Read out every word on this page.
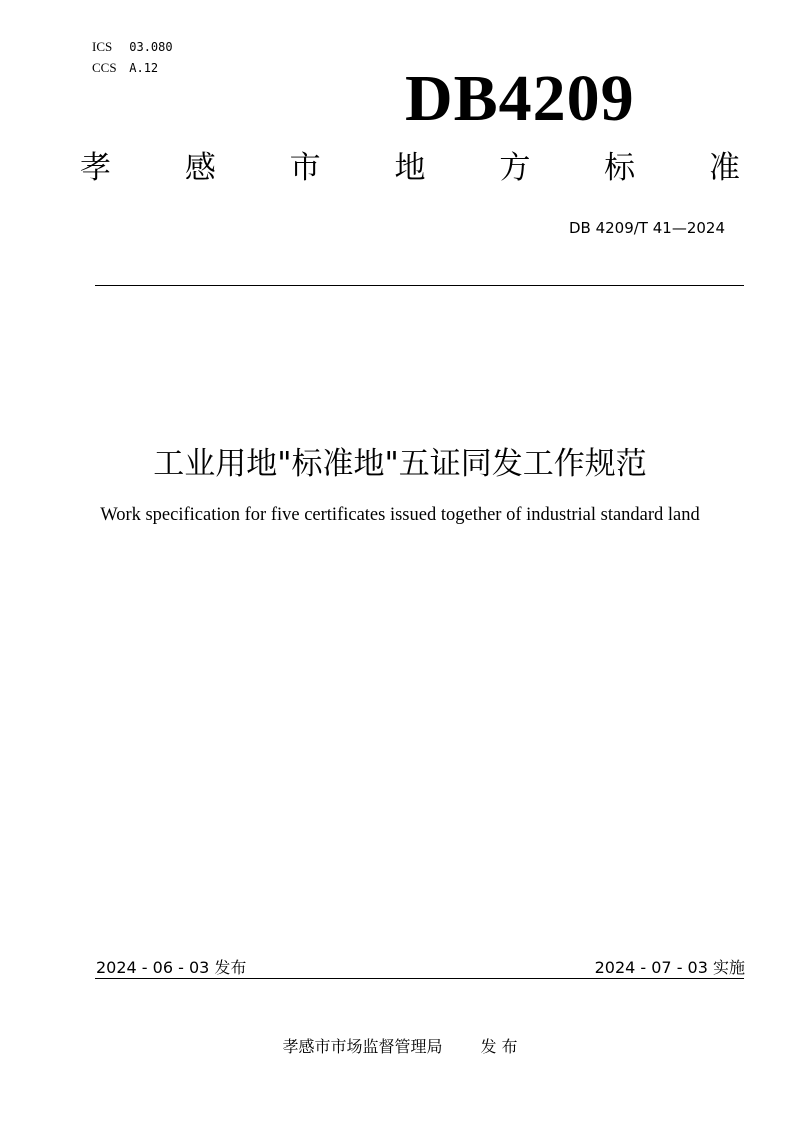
ICS 03.080
CCS A.12	DB4209
孝 感 市 地 方 标 准
DB 4209/T 41—2024
工业用地"标准地"五证同发工作规范
Work specification for five certificates issued together of industrial standard land
2024 - 06 - 03 发布	2024 - 07 - 03 实施
孝感市市场监督管理局 发 布
